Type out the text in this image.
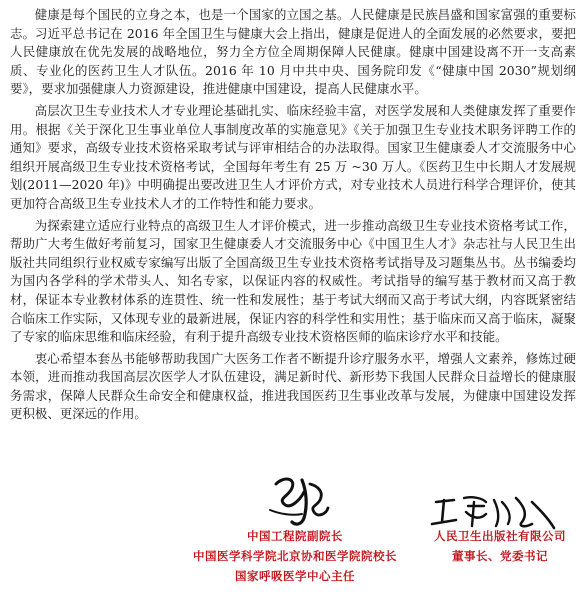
健康是每个国民的立身之本，也是一个国家的立国之基。人民健康是民族昌盛和国家富强的重要标志。习近平总书记在 2016 年全国卫生与健康大会上指出，健康是促进人的全面发展的必然要求，要把人民健康放在优先发展的战略地位，努力全方位全周期保障人民健康。健康中国建设离不开一支高素质、专业化的医药卫生人才队伍。2016 年 10 月中共中央、国务院印发《“健康中国 2030”规划纲要》，要求加强健康人力资源建设，推进健康中国建设，提高人民健康水平。

高层次卫生专业技术人才专业理论基础扎实、临床经验丰富，对医学发展和人类健康发挥了重要作用。根据《关于深化卫生事业单位人事制度改革的实施意见》《关于加强卫生专业技术职务评聘工作的通知》要求，高级专业技术资格采取考试与评审相结合的办法取得。国家卫生健康委人才交流服务中心组织开展高级卫生专业技术资格考试，全国每年考生有 25 万 ~30 万人。《医药卫生中长期人才发展规划(2011—2020 年)》中明确提出要改进卫生人才评价方式，对专业技术人员进行科学合理评价，使其更加符合高级卫生专业技术人才的工作特性和能力要求。

为探索建立适应行业特点的高级卫生人才评价模式，进一步推动高级卫生专业技术资格考试工作，帮助广大考生做好考前复习，国家卫生健康委人才交流服务中心《中国卫生人才》杂志社与人民卫生出版社共同组织行业权威专家编写出版了全国高级卫生专业技术资格考试指导及习题集丛书。丛书编委均为国内各学科的学术带头人、知名专家，以保证内容的权威性。考试指导的编写基于教材而又高于教材，保证本专业教材体系的连贯性、统一性和发展性；基于考试大纲而又高于考试大纲，内容既紧密结合临床工作实际，又体现专业的最新进展，保证内容的科学性和实用性；基于临床而又高于临床，凝聚了专家的临床思维和临床经验，有利于提升高级专业技术资格医师的临床诊疗水平和技能。

衷心希望本套丛书能够帮助我国广大医务工作者不断提升诊疗服务水平，增强人文素养，修炼过硬本领，进而推动我国高层次医学人才队伍建设，满足新时代、新形势下我国人民群众日益增长的健康服务需求，保障人民群众生命安全和健康权益，推进我国医药卫生事业改革与发展，为健康中国建设发挥更积极、更深远的作用。

中国工程院副院长
中国医学科学院北京协和医学院院校长
国家呼吸医学中心主任
人民卫生出版社有限公司
董事长、党委书记
